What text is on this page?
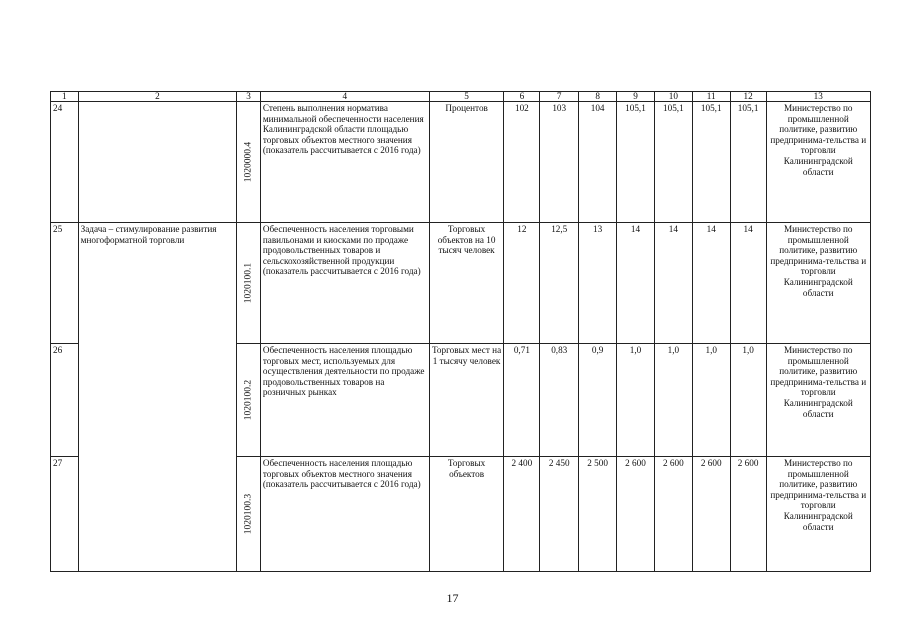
1	2	3	4	5	6	7	8	9	10	11	12	13
24		1020000.4	Степень выполнения норматива минимальной обеспеченности населения Калининградской области площадью торговых объектов местного значения (показатель рассчитывается с 2016 года)	Процентов	102	103	104	105,1	105,1	105,1	105,1	Министерство по промышленной политике, развитию предпринима-тельства и торговли Калининградской области
25	Задача – стимулирование развития многоформатной торговли	1020100.1	Обеспеченность населения торговыми павильонами и киосками по продаже продовольственных товаров и сельскохозяйственной продукции (показатель рассчитывается с 2016 года)	Торговых объектов на 10 тысяч человек	12	12,5	13	14	14	14	14	Министерство по промышленной политике, развитию предпринима-тельства и торговли Калининградской области
26		1020100.2	Обеспеченность населения площадью торговых мест, используемых для осуществления деятельности по продаже продовольственных товаров на розничных рынках	Торговых мест на 1 тысячу человек	0,71	0,83	0,9	1,0	1,0	1,0	1,0	Министерство по промышленной политике, развитию предпринима-тельства и торговли Калининградской области
27		1020100.3	Обеспеченность населения площадью торговых объектов местного значения (показатель рассчитывается с 2016 года)	Торговых объектов	2 400	2 450	2 500	2 600	2 600	2 600	2 600	Министерство по промышленной политике, развитию предпринима-тельства и торговли Калининградской области
17
